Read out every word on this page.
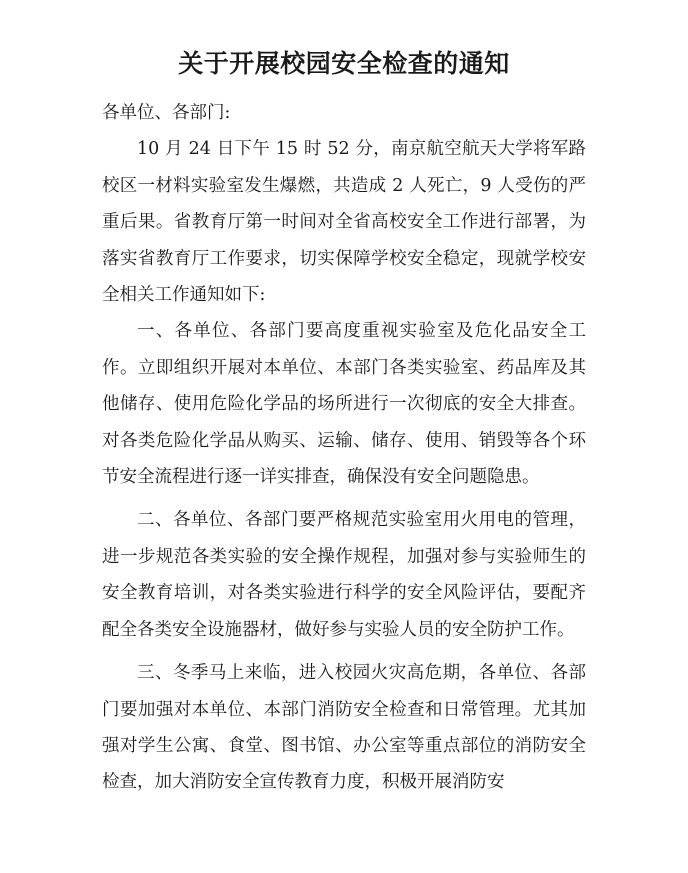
关于开展校园安全检查的通知

各单位、各部门:

10 月 24 日下午 15 时 52 分，南京航空航天大学将军路校区一材料实验室发生爆燃，共造成 2 人死亡，9 人受伤的严重后果。省教育厅第一时间对全省高校安全工作进行部署，为落实省教育厅工作要求，切实保障学校安全稳定，现就学校安全相关工作通知如下:

一、各单位、各部门要高度重视实验室及危化品安全工作。立即组织开展对本单位、本部门各类实验室、药品库及其他储存、使用危险化学品的场所进行一次彻底的安全大排查。对各类危险化学品从购买、运输、储存、使用、销毁等各个环节安全流程进行逐一详实排查，确保没有安全问题隐患。

二、各单位、各部门要严格规范实验室用火用电的管理，进一步规范各类实验的安全操作规程，加强对参与实验师生的安全教育培训，对各类实验进行科学的安全风险评估，要配齐配全各类安全设施器材，做好参与实验人员的安全防护工作。

三、冬季马上来临，进入校园火灾高危期，各单位、各部门要加强对本单位、本部门消防安全检查和日常管理。尤其加强对学生公寓、食堂、图书馆、办公室等重点部位的消防安全检查，加大消防安全宣传教育力度，积极开展消防安
